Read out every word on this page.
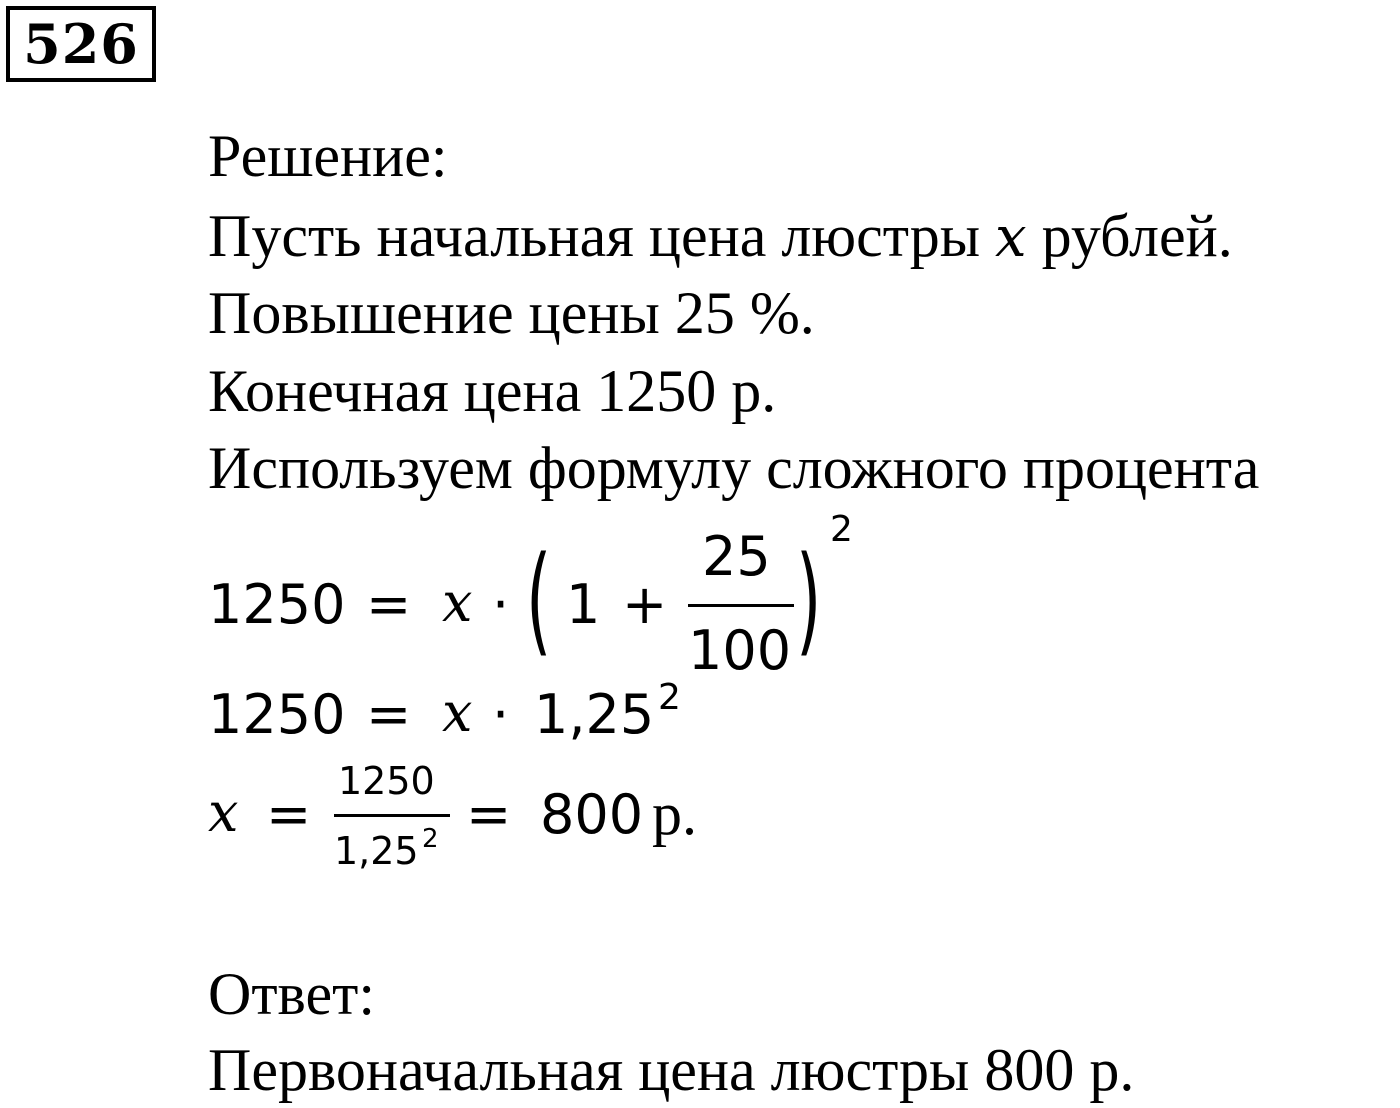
526
Решение:
Пусть начальная цена люстры x рублей.
Повышение цены 25 %.
Конечная цена 1250 р.
Используем формулу сложного процента
1250 = x · ( 1 +
25
100 )
2
1250 = x · 1,25 2
x =
1250
1,25 2 = 800 р.
Ответ:
Первоначальная цена люстры 800 р.
